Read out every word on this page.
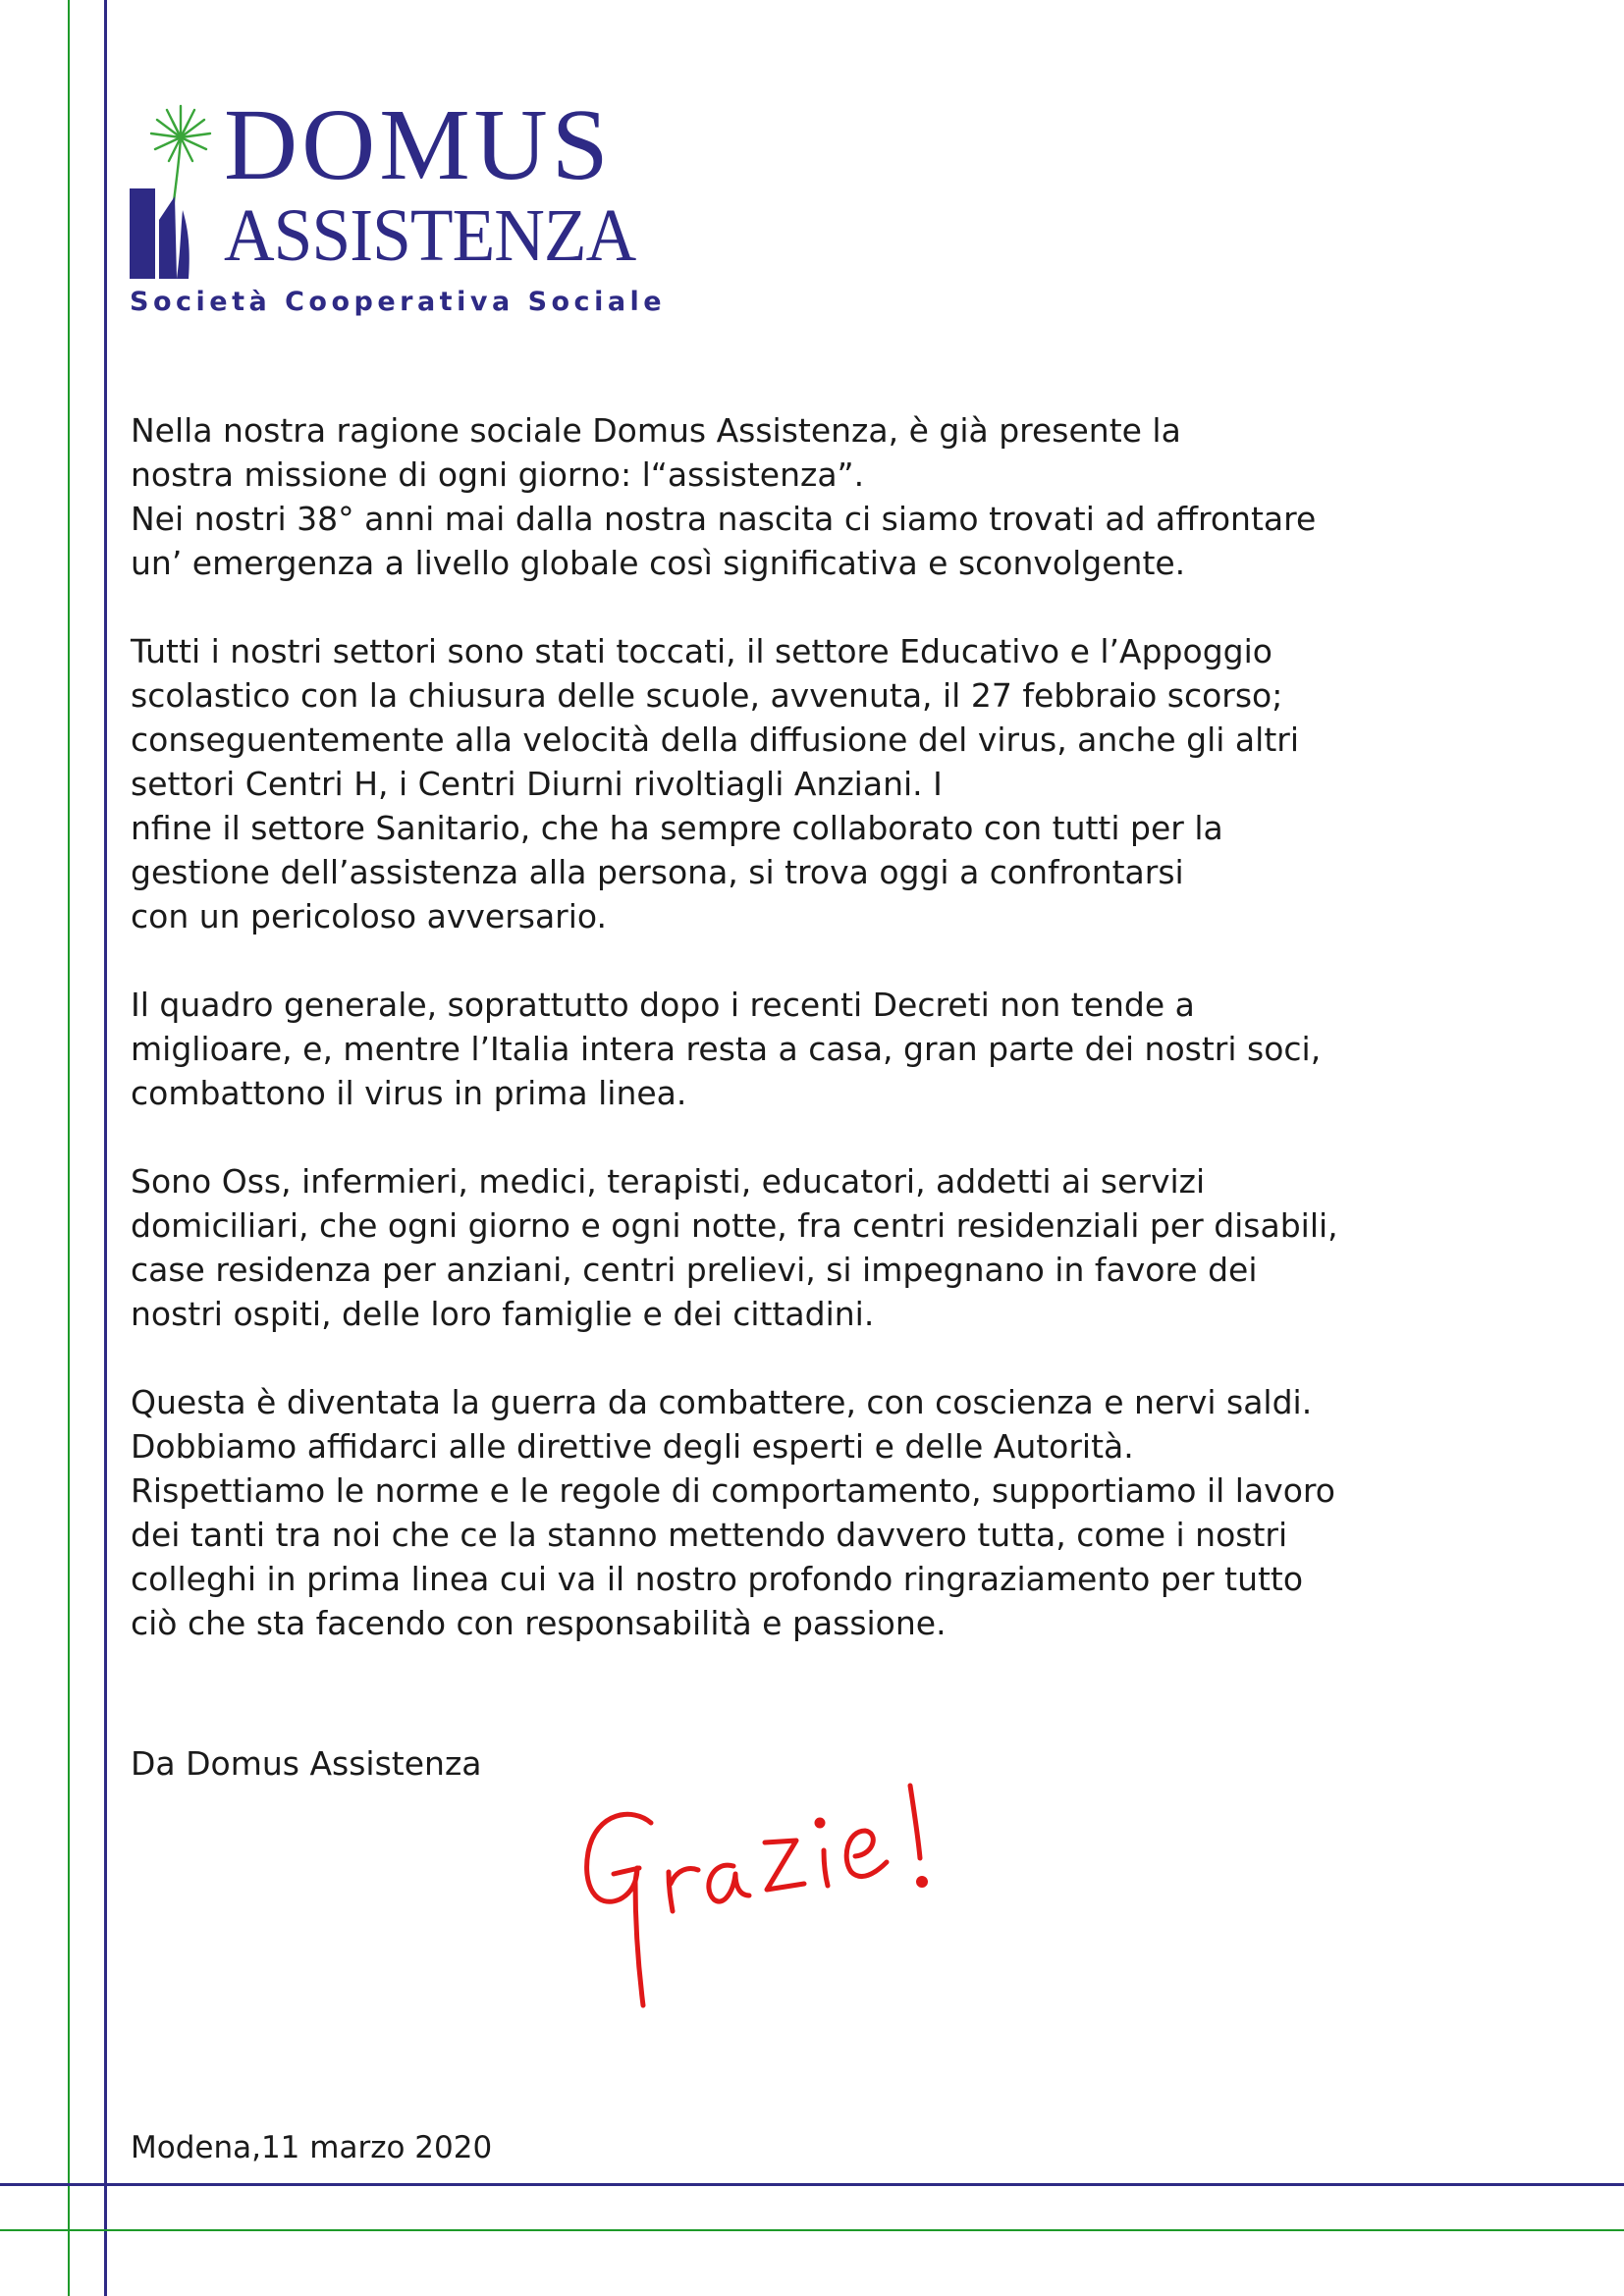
DOMUS
ASSISTENZA
Società Cooperativa Sociale

Nella nostra ragione sociale Domus Assistenza, è già presente la
nostra missione di ogni giorno: l“assistenza”.
Nei nostri 38° anni mai dalla nostra nascita ci siamo trovati ad affrontare
un’ emergenza a livello globale così significativa e sconvolgente.

Tutti i nostri settori sono stati toccati, il settore Educativo e l’Appoggio
scolastico con la chiusura delle scuole, avvenuta, il 27 febbraio scorso;
conseguentemente alla velocità della diffusione del virus, anche gli altri
settori Centri H, i Centri Diurni rivoltiagli Anziani. I
nfine il settore Sanitario, che ha sempre collaborato con tutti per la
gestione dell’assistenza alla persona, si trova oggi a confrontarsi
con un pericoloso avversario.

Il quadro generale, soprattutto dopo i recenti Decreti non tende a
miglioare, e, mentre l’Italia intera resta a casa, gran parte dei nostri soci,
combattono il virus in prima linea.

Sono Oss, infermieri, medici, terapisti, educatori, addetti ai servizi
domiciliari, che ogni giorno e ogni notte, fra centri residenziali per disabili,
case residenza per anziani, centri prelievi, si impegnano in favore dei
nostri ospiti, delle loro famiglie e dei cittadini.

Questa è diventata la guerra da combattere, con coscienza e nervi saldi.
Dobbiamo affidarci alle direttive degli esperti e delle Autorità.
Rispettiamo le norme e le regole di comportamento, supportiamo il lavoro
dei tanti tra noi che ce la stanno mettendo davvero tutta, come i nostri
colleghi in prima linea cui va il nostro profondo ringraziamento per tutto
ciò che sta facendo con responsabilità e passione.

Da Domus Assistenza
Modena,11 marzo 2020
